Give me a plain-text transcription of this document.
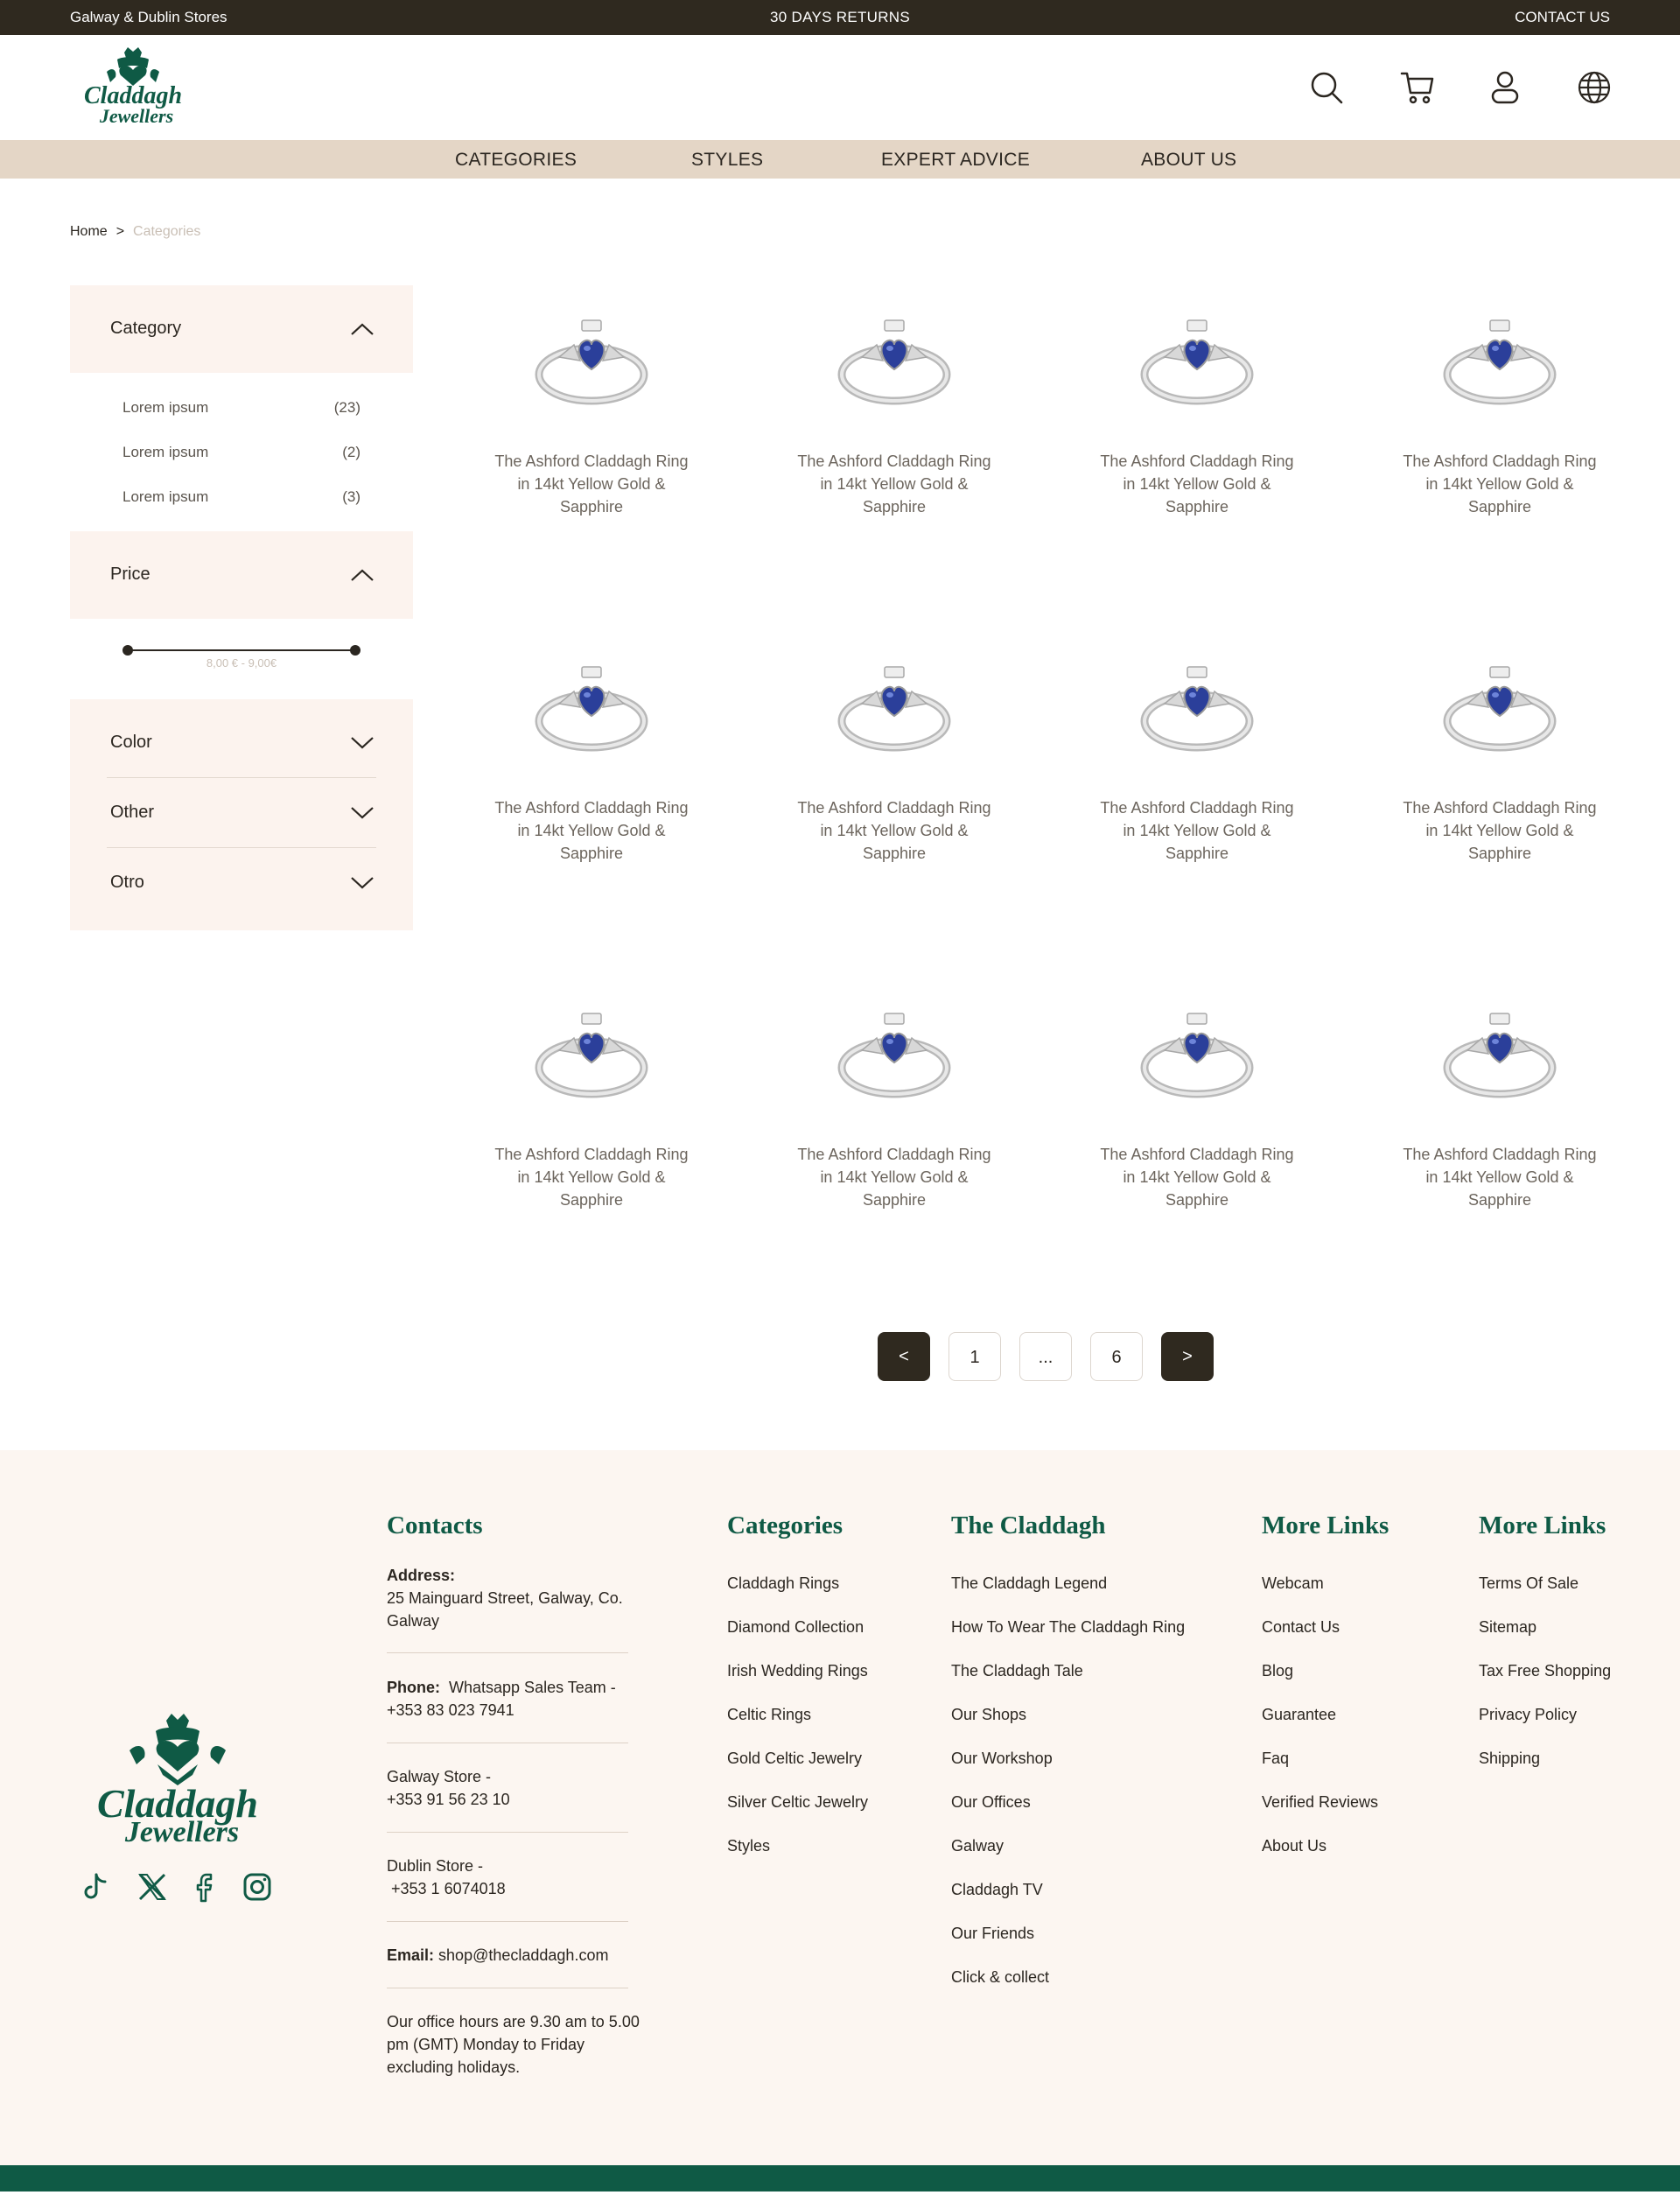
Galway & Dublin Stores	30 DAYS RETURNS	CONTACT US
Claddagh
Jewellers
CATEGORIES	STYLES	EXPERT ADVICE	ABOUT US
Home > Categories
Category
Lorem ipsum	(23)
Lorem ipsum	(2)
Lorem ipsum	(3)
Price
8,00 € - 9,00€
Color
Other
Otro
The Ashford Claddagh Ring
in 14kt Yellow Gold &
Sapphire
The Ashford Claddagh Ring
in 14kt Yellow Gold &
Sapphire
The Ashford Claddagh Ring
in 14kt Yellow Gold &
Sapphire
The Ashford Claddagh Ring
in 14kt Yellow Gold &
Sapphire
The Ashford Claddagh Ring
in 14kt Yellow Gold &
Sapphire
The Ashford Claddagh Ring
in 14kt Yellow Gold &
Sapphire
The Ashford Claddagh Ring
in 14kt Yellow Gold &
Sapphire
The Ashford Claddagh Ring
in 14kt Yellow Gold &
Sapphire
The Ashford Claddagh Ring
in 14kt Yellow Gold &
Sapphire
The Ashford Claddagh Ring
in 14kt Yellow Gold &
Sapphire
The Ashford Claddagh Ring
in 14kt Yellow Gold &
Sapphire
The Ashford Claddagh Ring
in 14kt Yellow Gold &
Sapphire
<	1	...	6	>
Claddagh
Jewellers
Contacts
Address:
25 Mainguard Street, Galway, Co. Galway
Phone: Whatsapp Sales Team - +353 83 023 7941
Galway Store -
+353 91 56 23 10
Dublin Store -
+353 1 6074018
Email: shop@thecladdagh.com
Our office hours are 9.30 am to 5.00 pm (GMT) Monday to Friday excluding holidays.
Categories
Claddagh Rings
Diamond Collection
Irish Wedding Rings
Celtic Rings
Gold Celtic Jewelry
Silver Celtic Jewelry
Styles
The Claddagh
The Claddagh Legend
How To Wear The Claddagh Ring
The Claddagh Tale
Our Shops
Our Workshop
Our Offices
Galway
Claddagh TV
Our Friends
Click & collect
More Links
Webcam
Contact Us
Blog
Guarantee
Faq
Verified Reviews
About Us
More Links
Terms Of Sale
Sitemap
Tax Free Shopping
Privacy Policy
Shipping
